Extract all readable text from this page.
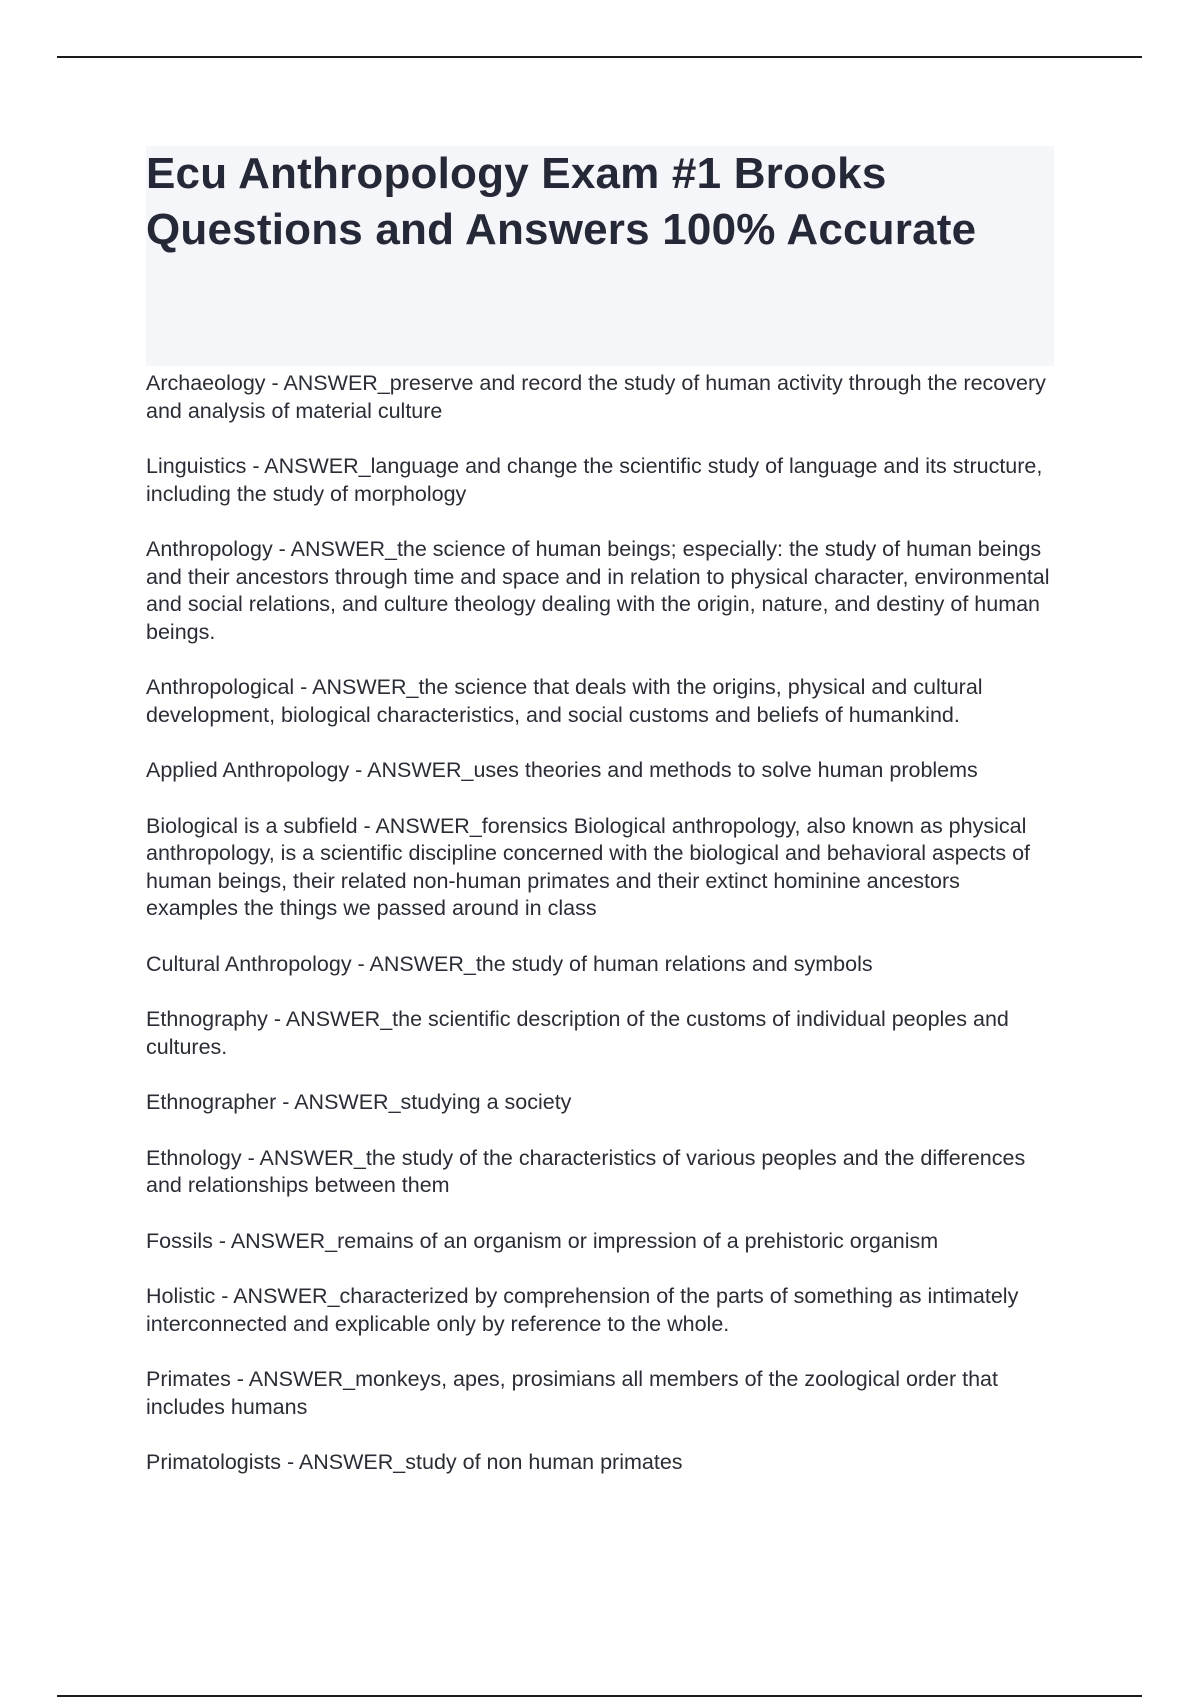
Ecu Anthropology Exam #1 Brooks Questions and Answers 100% Accurate

Archaeology - ANSWER_preserve and record the study of human activity through the recovery and analysis of material culture

Linguistics - ANSWER_language and change the scientific study of language and its structure, including the study of morphology

Anthropology - ANSWER_the science of human beings; especially: the study of human beings and their ancestors through time and space and in relation to physical character, environmental and social relations, and culture theology dealing with the origin, nature, and destiny of human beings.

Anthropological - ANSWER_the science that deals with the origins, physical and cultural development, biological characteristics, and social customs and beliefs of humankind.

Applied Anthropology - ANSWER_uses theories and methods to solve human problems

Biological is a subfield - ANSWER_forensics Biological anthropology, also known as physical anthropology, is a scientific discipline concerned with the biological and behavioral aspects of human beings, their related non-human primates and their extinct hominine ancestors examples the things we passed around in class

Cultural Anthropology - ANSWER_the study of human relations and symbols

Ethnography - ANSWER_the scientific description of the customs of individual peoples and cultures.

Ethnographer - ANSWER_studying a society

Ethnology - ANSWER_the study of the characteristics of various peoples and the differences and relationships between them

Fossils - ANSWER_remains of an organism or impression of a prehistoric organism

Holistic - ANSWER_characterized by comprehension of the parts of something as intimately interconnected and explicable only by reference to the whole.

Primates - ANSWER_monkeys, apes, prosimians all members of the zoological order that includes humans

Primatologists - ANSWER_study of non human primates
